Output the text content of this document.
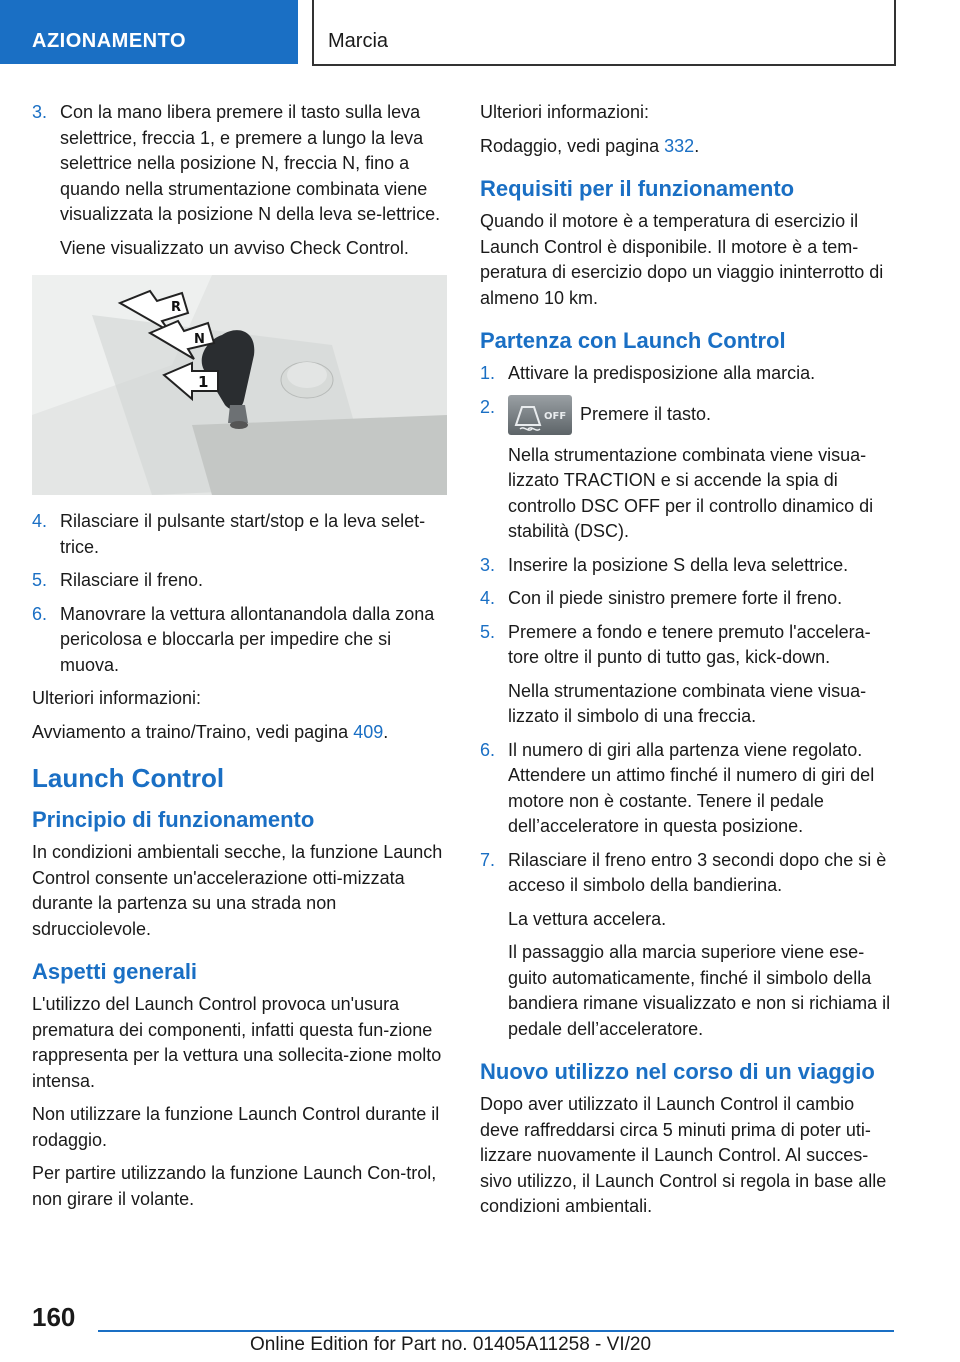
AZIONAMENTO	Marcia
3. Con la mano libera premere il tasto sulla leva selettrice, freccia 1, e premere a lungo la leva selettrice nella posizione N, freccia N, fino a quando nella strumentazione combinata viene visualizzata la posizione N della leva se-lettrice.

Viene visualizzato un avviso Check Control.

R
N
1
4. Rilasciare il pulsante start/stop e la leva selet-trice.

5. Rilasciare il freno.

6. Manovrare la vettura allontanandola dalla zona pericolosa e bloccarla per impedire che si muova.

Ulteriori informazioni:

Avviamento a traino/Traino, vedi pagina 409.

Launch Control
Principio di funzionamento

In condizioni ambientali secche, la funzione Launch Control consente un'accelerazione otti-mizzata durante la partenza su una strada non sdrucciolevole.

Aspetti generali

L'utilizzo del Launch Control provoca un'usura prematura dei componenti, infatti questa fun-zione rappresenta per la vettura una sollecita-zione molto intensa.

Non utilizzare la funzione Launch Control durante il rodaggio.

Per partire utilizzando la funzione Launch Con-trol, non girare il volante.

Ulteriori informazioni:

Rodaggio, vedi pagina 332.

Requisiti per il funzionamento

Quando il motore è a temperatura di esercizio il Launch Control è disponibile. Il motore è a tem-peratura di esercizio dopo un viaggio ininterrotto di almeno 10 km.

Partenza con Launch Control
1. Attivare la predisposizione alla marcia.

2.	OFF Premere il tasto.

Nella strumentazione combinata viene visua-lizzato TRACTION e si accende la spia di controllo DSC OFF per il controllo dinamico di stabilità (DSC).

3. Inserire la posizione S della leva selettrice.

4. Con il piede sinistro premere forte il freno.

5. Premere a fondo e tenere premuto l'accelera-tore oltre il punto di tutto gas, kick-down.

Nella strumentazione combinata viene visua-lizzato il simbolo di una freccia.

6. Il numero di giri alla partenza viene regolato. Attendere un attimo finché il numero di giri del motore non è costante. Tenere il pedale dell’acceleratore in questa posizione.

7. Rilasciare il freno entro 3 secondi dopo che si è acceso il simbolo della bandierina.

La vettura accelera.

Il passaggio alla marcia superiore viene ese-guito automaticamente, finché il simbolo della bandiera rimane visualizzato e non si richiama il pedale dell’acceleratore.

Nuovo utilizzo nel corso di un viaggio

Dopo aver utilizzato il Launch Control il cambio deve raffreddarsi circa 5 minuti prima di poter uti-lizzare nuovamente il Launch Control. Al succes-sivo utilizzo, il Launch Control si regola in base alle condizioni ambientali.

160
Online Edition for Part no. 01405A11258 - VI/20
